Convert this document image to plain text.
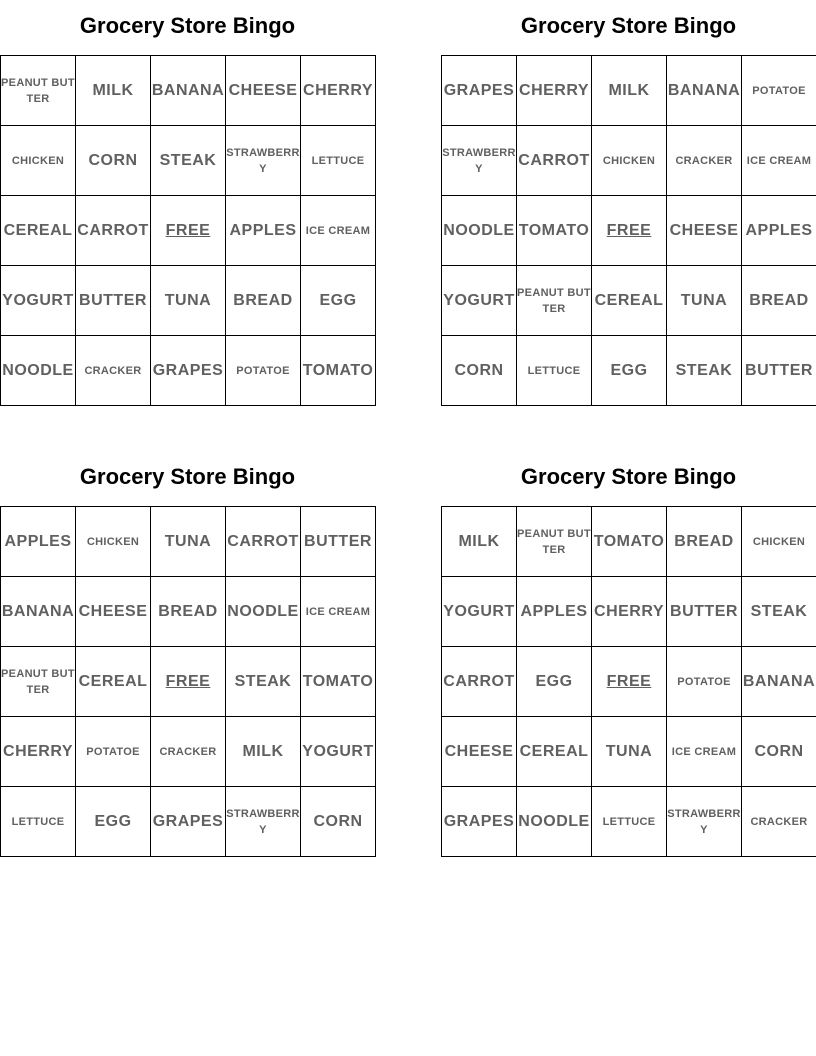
Grocery Store Bingo
PEANUT BUTTER	MILK	BANANA	CHEESE	CHERRY

CHICKEN	CORN	STEAK	STRAWBERRY	LETTUCE

CEREAL	CARROT	FREE	APPLES	ICE CREAM

YOGURT	BUTTER	TUNA	BREAD	EGG

NOODLE	CRACKER	GRAPES	POTATOE	TOMATO
Grocery Store Bingo
GRAPES	CHERRY	MILK	BANANA	POTATOE

STRAWBERRY	CARROT	CHICKEN	CRACKER	ICE CREAM

NOODLE	TOMATO	FREE	CHEESE	APPLES

YOGURT	PEANUT BUTTER	CEREAL	TUNA	BREAD

CORN	LETTUCE	EGG	STEAK	BUTTER
Grocery Store Bingo
APPLES	CHICKEN	TUNA	CARROT	BUTTER

BANANA	CHEESE	BREAD	NOODLE	ICE CREAM

PEANUT BUTTER	CEREAL	FREE	STEAK	TOMATO

CHERRY	POTATOE	CRACKER	MILK	YOGURT

LETTUCE	EGG	GRAPES	STRAWBERRY	CORN
Grocery Store Bingo
MILK	PEANUT BUTTER	TOMATO	BREAD	CHICKEN

YOGURT	APPLES	CHERRY	BUTTER	STEAK

CARROT	EGG	FREE	POTATOE	BANANA

CHEESE	CEREAL	TUNA	ICE CREAM	CORN

GRAPES	NOODLE	LETTUCE	STRAWBERRY	CRACKER
